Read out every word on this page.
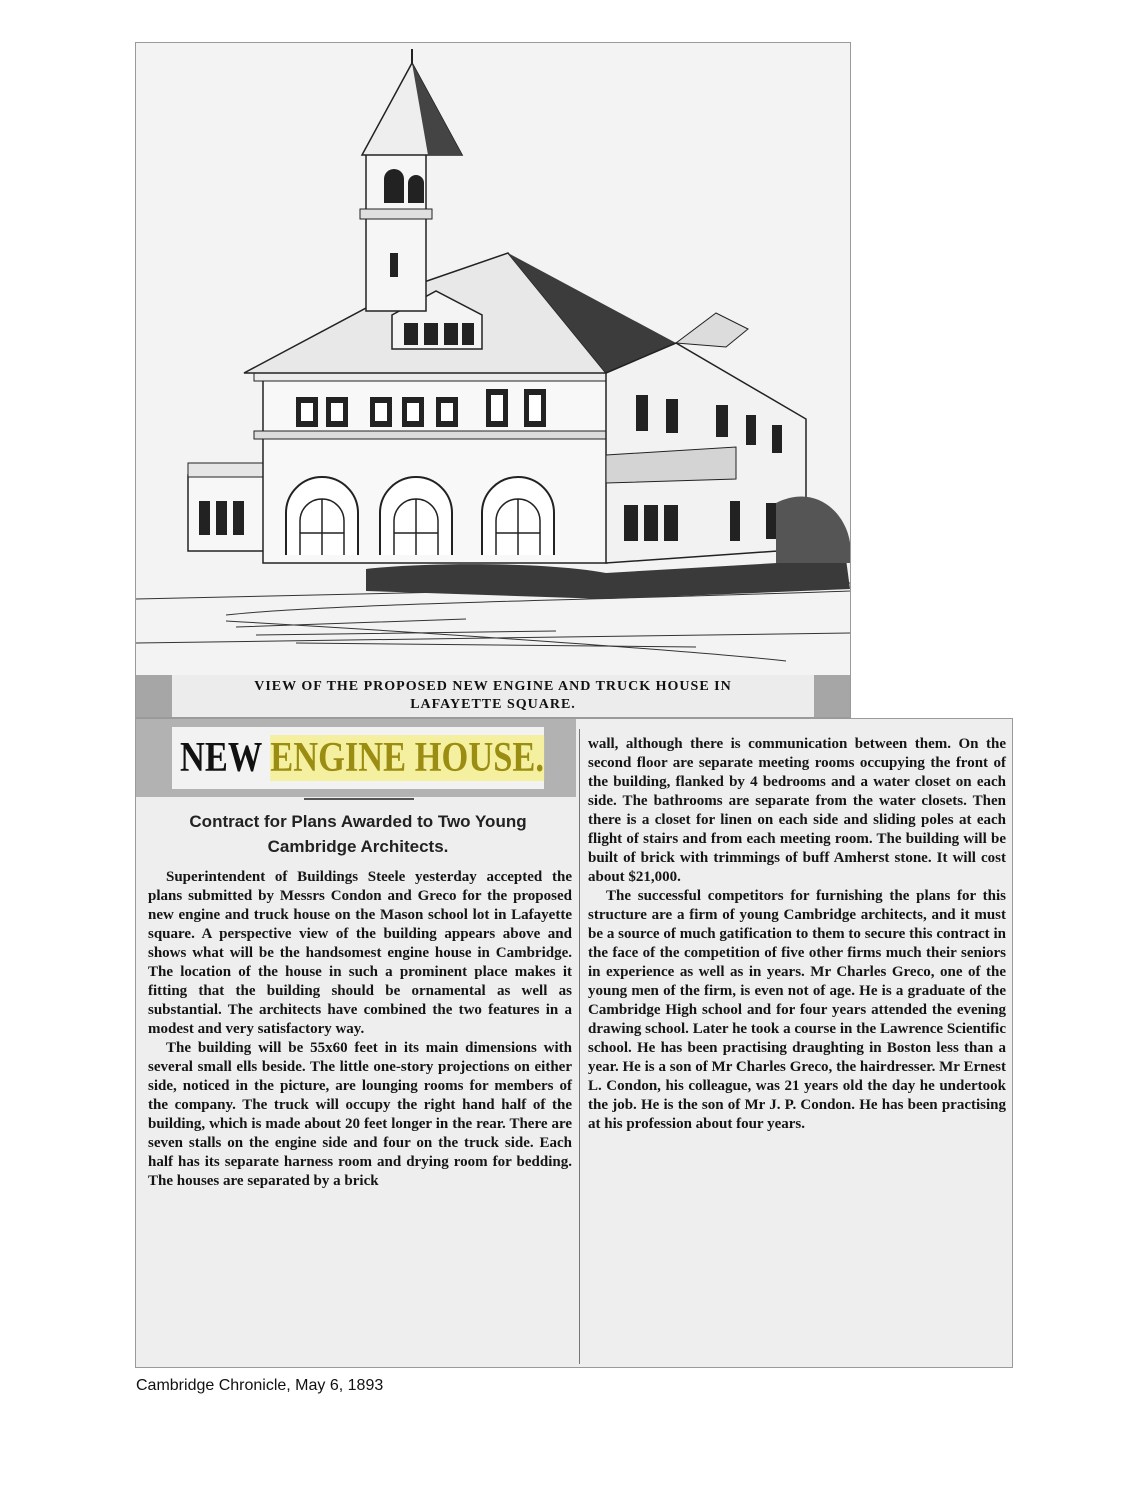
VIEW OF THE PROPOSED NEW ENGINE AND TRUCK HOUSE IN
LAFAYETTE SQUARE.
NEW ENGINE HOUSE.
Contract for Plans Awarded to Two Young
Cambridge Architects.

Superintendent of Buildings Steele yesterday accepted the plans submitted by Messrs Condon and Greco for the proposed new engine and truck house on the Mason school lot in Lafayette square. A perspective view of the building appears above and shows what will be the handsomest engine house in Cambridge. The location of the house in such a prominent place makes it fitting that the building should be ornamental as well as substantial. The architects have combined the two features in a modest and very satisfactory way.

The building will be 55x60 feet in its main dimensions with several small ells beside. The little one-story projections on either side, noticed in the picture, are lounging rooms for members of the company. The truck will occupy the right hand half of the building, which is made about 20 feet longer in the rear. There are seven stalls on the engine side and four on the truck side. Each half has its separate harness room and drying room for bedding. The houses are separated by a brick

wall, although there is communication between them. On the second floor are separate meeting rooms occupying the front of the building, flanked by 4 bedrooms and a water closet on each side. The bathrooms are separate from the water closets. Then there is a closet for linen on each side and sliding poles at each flight of stairs and from each meeting room. The building will be built of brick with trimmings of buff Amherst stone. It will cost about $21,000.

The successful competitors for furnishing the plans for this structure are a firm of young Cambridge architects, and it must be a source of much gatification to them to secure this contract in the face of the competition of five other firms much their seniors in experience as well as in years. Mr Charles Greco, one of the young men of the firm, is even not of age. He is a graduate of the Cambridge High school and for four years attended the evening drawing school. Later he took a course in the Lawrence Scientific school. He has been practising draughting in Boston less than a year. He is a son of Mr Charles Greco, the hairdresser. Mr Ernest L. Condon, his colleague, was 21 years old the day he undertook the job. He is the son of Mr J. P. Condon. He has been practising at his profession about four years.

Cambridge Chronicle, May 6, 1893
